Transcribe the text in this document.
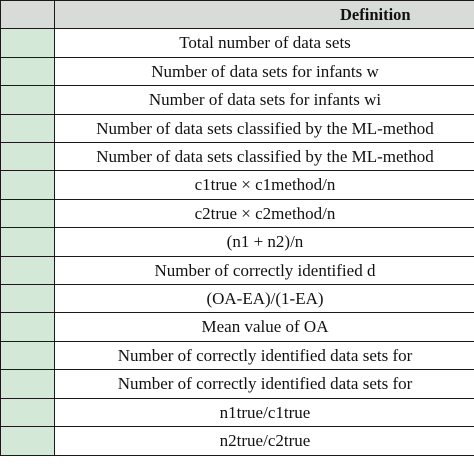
	Definition

	Total number of data sets

	Number of data sets for infants w

	Number of data sets for infants wi

	Number of data sets classified by the ML-method

	Number of data sets classified by the ML-method

	c1true × c1method/n

	c2true × c2method/n

	(n1 + n2)/n

	Number of correctly identified d

	(OA-EA)/(1-EA)

	Mean value of OA

	Number of correctly identified data sets for

	Number of correctly identified data sets for

	n1true/c1true

	n2true/c2true
